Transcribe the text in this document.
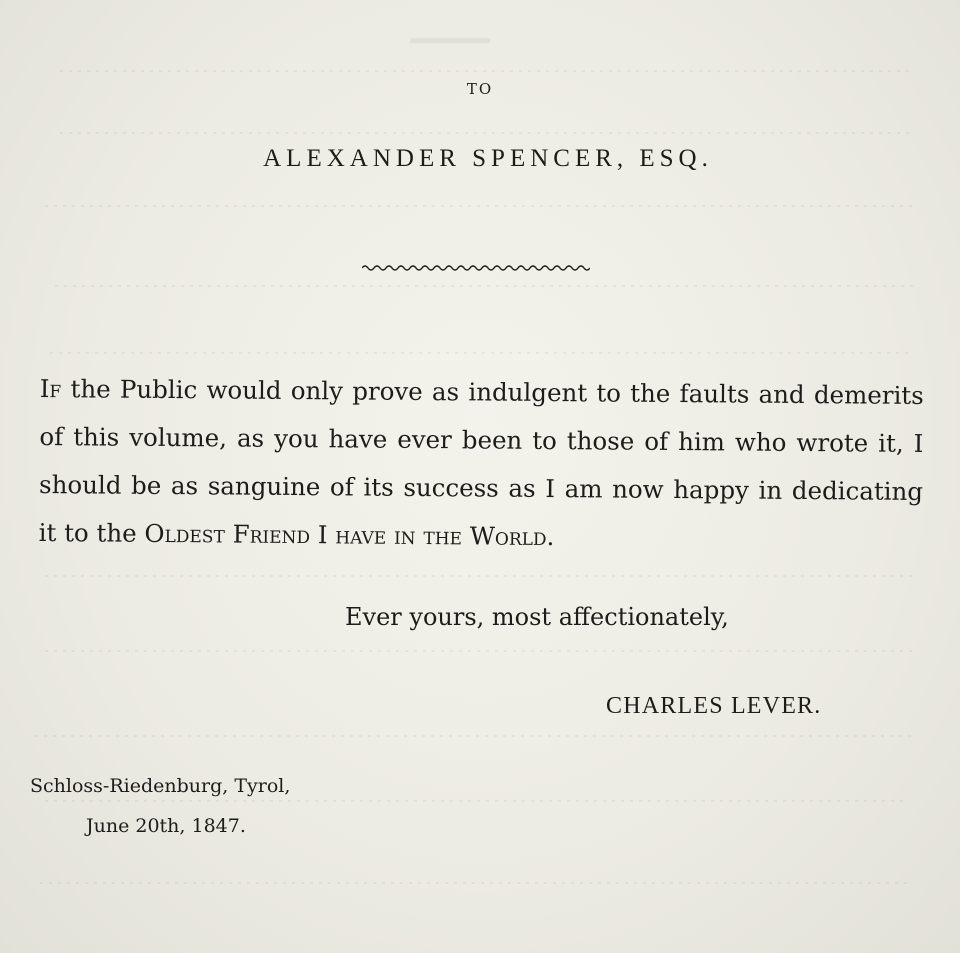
▬▬▬▬▬
TO
ALEXANDER SPENCER, ESQ.

If the Public would only prove as indulgent to the faults and demerits of this volume, as you have ever been to those of him who wrote it, I should be as sanguine of its success as I am now happy in dedicating it to the Oldest Friend I have in the World.

Ever yours, most affectionately,
CHARLES LEVER.
Schloss-Riedenburg, Tyrol,
June 20th, 1847.
